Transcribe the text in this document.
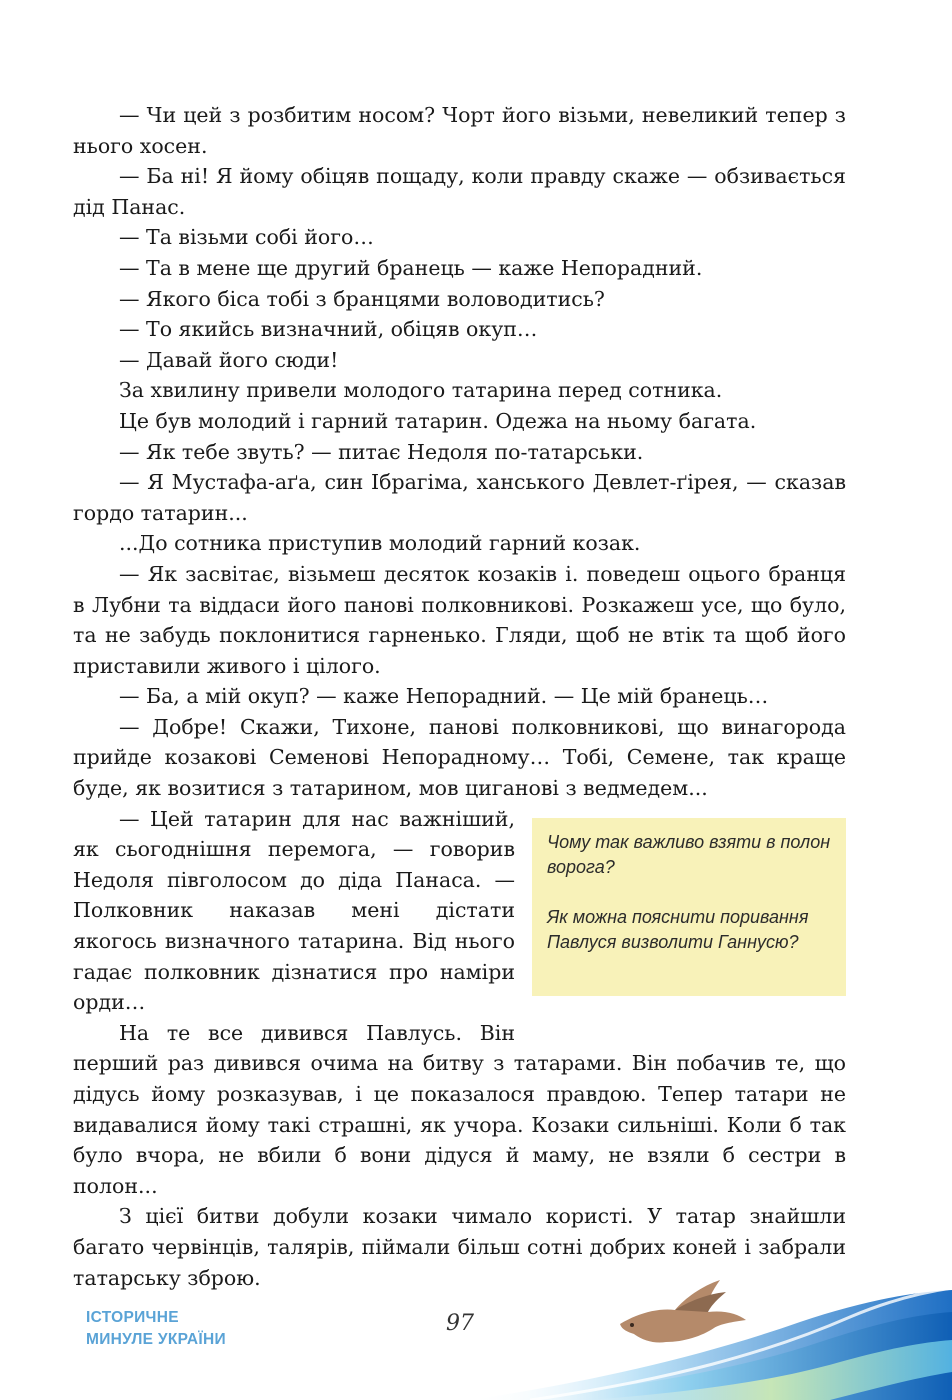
— Чи цей з розбитим носом? Чорт його візьми, невеликий тепер з нього хосен.

— Ба ні! Я йому обіцяв пощаду, коли правду скаже — обзивається дід Панас.

— Та візьми собі його…

— Та в мене ще другий бранець — каже Непорадний.

— Якого біса тобі з бранцями воловодитись?

— То якийсь визначний, обіцяв окуп…

— Давай його сюди!

За хвилину привели молодого татарина перед сотника.

Це був молодий і гарний татарин. Одежа на ньому багата.

— Як тебе звуть? — питає Недоля по-татарськи.

— Я Мустафа-аґа, син Ібрагіма, ханського Девлет-ґірея, — сказав гордо татарин...

...До сотника приступив молодий гарний козак.

— Як засвітає, візьмеш десяток козаків і. поведеш оцього бранця в Лубни та віддаси його панові полковникові. Розкажеш усе, що було, та не забудь поклонитися гарненько. Гляди, щоб не втік та щоб його приставили живого і цілого.

— Ба, а мій окуп? — каже Непорадний. — Це мій бранець…

— Добре! Скажи, Тихоне, панові полковникові, що винагорода прийде козакові Семенові Непорадному… Тобі, Семене, так краще буде, як возитися з татарином, мов циганові з ведмедем...

— Цей татарин для нас важніший, як сьогоднішня перемога, — говорив Недоля півголосом до діда Панаса. — Полковник наказав мені дістати якогось визначного татарина. Від нього гадає полковник дізнатися про наміри орди…

На те все дивився Павлусь. Він

перший раз дивився очима на битву з татарами. Він побачив те, що дідусь йому розказував, і це показалося правдою. Тепер татари не видавалися йому такі страшні, як учора. Козаки сильніші. Коли б так було вчора, не вбили б вони дідуся й маму, не взяли б сестри в полон...

З цієї битви добули козаки чимало користі. У татар знайшли багато червінців, талярів, піймали більш сотні добрих коней і забрали татарську зброю.

Чому так важливо взяти в полон ворога?

Як можна пояснити поривання Павлуся визволити Ганнусю?

ІСТОРИЧНЕ
МИНУЛЕ УКРАЇНИ
97
